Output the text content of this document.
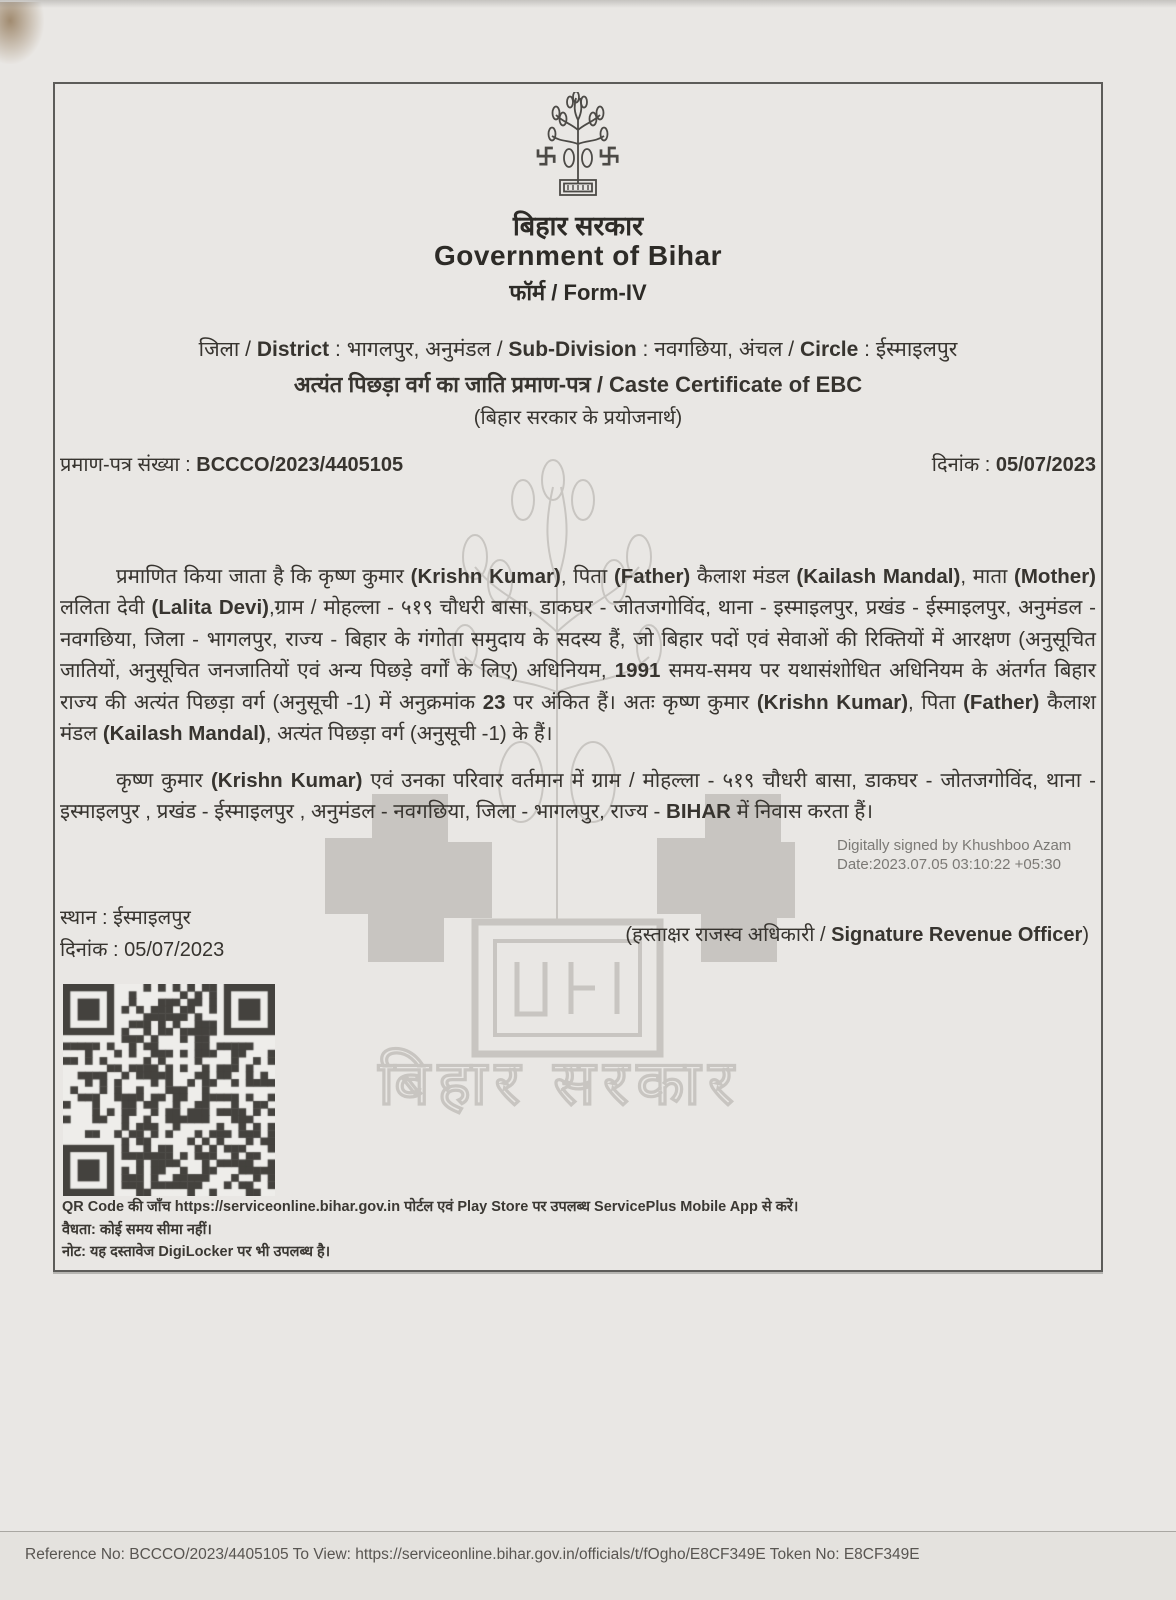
बिहार सरकार
बिहार सरकार
Government of Bihar
फॉर्म / Form-IV
जिला / District : भागलपुर, अनुमंडल / Sub-Division : नवगछिया, अंचल / Circle : ईस्माइलपुर
अत्यंत पिछड़ा वर्ग का जाति प्रमाण-पत्र / Caste Certificate of EBC
(बिहार सरकार के प्रयोजनार्थ)
प्रमाण-पत्र संख्या : BCCCO/2023/4405105	दिनांक : 05/07/2023

प्रमाणित किया जाता है कि कृष्ण कुमार (Krishn Kumar), पिता (Father) कैलाश मंडल (Kailash Mandal), माता (Mother) ललिता देवी (Lalita Devi),ग्राम / मोहल्ला - ५१९ चौधरी बासा, डाकघर - जोतजगोविंद, थाना - इस्माइलपुर, प्रखंड - ईस्माइलपुर, अनुमंडल - नवगछिया, जिला - भागलपुर, राज्य - बिहार के गंगोता समुदाय के सदस्य हैं, जो बिहार पदों एवं सेवाओं की रिक्तियों में आरक्षण (अनुसूचित जातियों, अनुसूचित जनजातियों एवं अन्य पिछड़े वर्गों के लिए) अधिनियम, 1991 समय-समय पर यथासंशोधित अधिनियम के अंतर्गत बिहार राज्य की अत्यंत पिछड़ा वर्ग (अनुसूची -1) में अनुक्रमांक 23 पर अंकित हैं। अतः कृष्ण कुमार (Krishn Kumar), पिता (Father) कैलाश मंडल (Kailash Mandal), अत्यंत पिछड़ा वर्ग (अनुसूची -1) के हैं।

कृष्ण कुमार (Krishn Kumar) एवं उनका परिवार वर्तमान में ग्राम / मोहल्ला - ५१९ चौधरी बासा, डाकघर - जोतजगोविंद, थाना - इस्माइलपुर , प्रखंड - ईस्माइलपुर , अनुमंडल - नवगछिया, जिला - भागलपुर, राज्य - BIHAR में निवास करता हैं।

Digitally signed by Khushboo Azam
Date:2023.07.05 03:10:22 +05:30
स्थान : ईस्माइलपुर
दिनांक : 05/07/2023
(हस्ताक्षर राजस्व अधिकारी / Signature Revenue Officer)
QR Code की जाँच https://serviceonline.bihar.gov.in पोर्टल एवं Play Store पर उपलब्ध ServicePlus Mobile App से करें।
वैधता: कोई समय सीमा नहीं।
नोट: यह दस्तावेज DigiLocker पर भी उपलब्ध है।
Reference No: BCCCO/2023/4405105 To View: https://serviceonline.bihar.gov.in/officials/t/fOgho/E8CF349E Token No: E8CF349E
